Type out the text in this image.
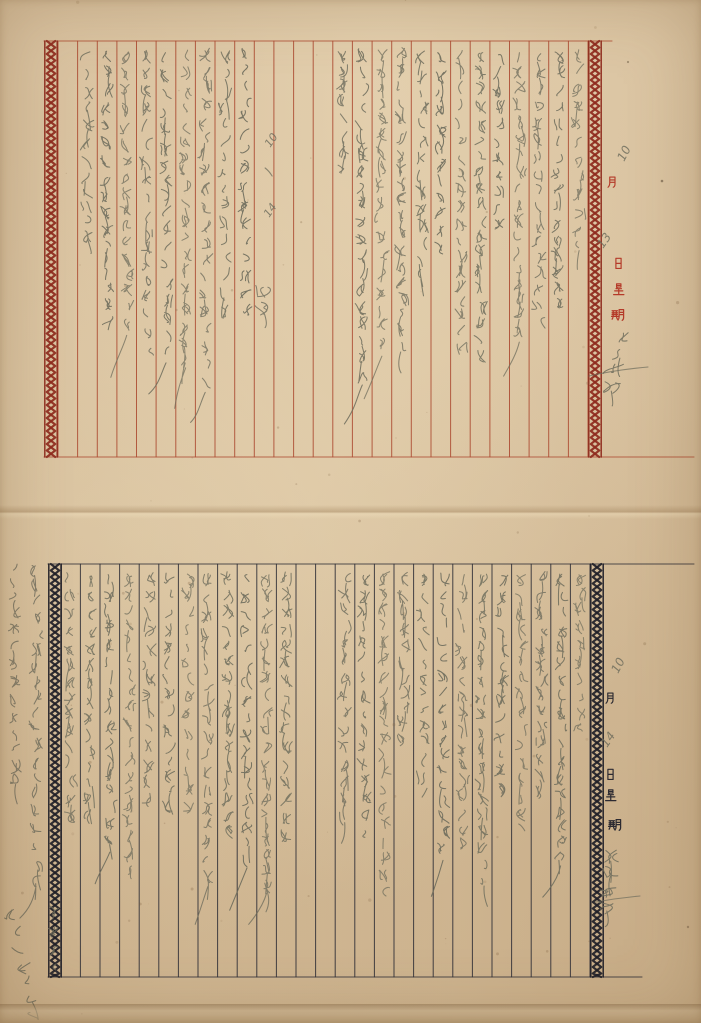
10
13
10
14
10
14
